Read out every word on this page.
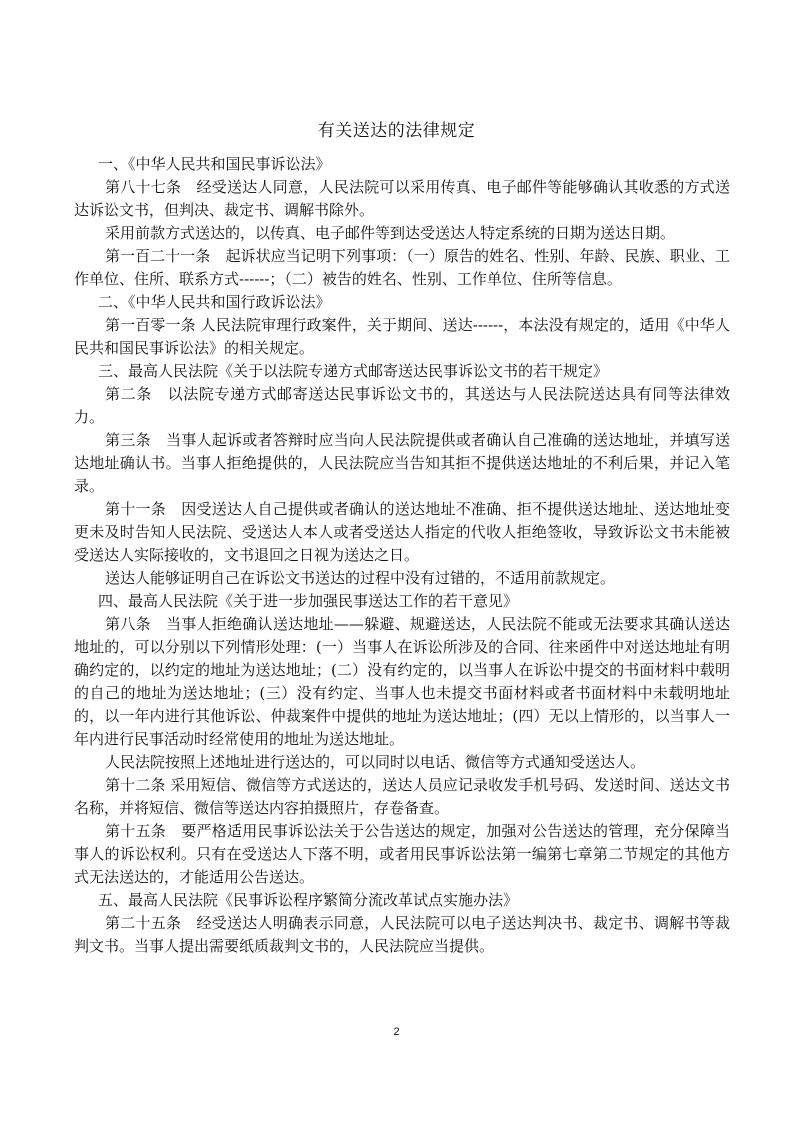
有关送达的法律规定

一、《中华人民共和国民事诉讼法》

第八十七条　经受送达人同意，人民法院可以采用传真、电子邮件等能够确认其收悉的方式送达诉讼文书，但判决、裁定书、调解书除外。

采用前款方式送达的，以传真、电子邮件等到达受送达人特定系统的日期为送达日期。

第一百二十一条　起诉状应当记明下列事项：（一）原告的姓名、性别、年龄、民族、职业、工作单位、住所、联系方式------；（二）被告的姓名、性别、工作单位、住所等信息。

二、《中华人民共和国行政诉讼法》

第一百零一条 人民法院审理行政案件，关于期间、送达------，本法没有规定的，适用《中华人民共和国民事诉讼法》的相关规定。

三、最高人民法院《关于以法院专递方式邮寄送达民事诉讼文书的若干规定》

第二条　以法院专递方式邮寄送达民事诉讼文书的，其送达与人民法院送达具有同等法律效力。

第三条　当事人起诉或者答辩时应当向人民法院提供或者确认自己准确的送达地址，并填写送达地址确认书。当事人拒绝提供的，人民法院应当告知其拒不提供送达地址的不利后果，并记入笔录。

第十一条　因受送达人自己提供或者确认的送达地址不准确、拒不提供送达地址、送达地址变更未及时告知人民法院、受送达人本人或者受送达人指定的代收人拒绝签收，导致诉讼文书未能被受送达人实际接收的，文书退回之日视为送达之日。

送达人能够证明自己在诉讼文书送达的过程中没有过错的，不适用前款规定。

四、最高人民法院《关于进一步加强民事送达工作的若干意见》

第八条　当事人拒绝确认送达地址——躲避、规避送达，人民法院不能或无法要求其确认送达地址的，可以分别以下列情形处理：(一）当事人在诉讼所涉及的合同、往来函件中对送达地址有明确约定的，以约定的地址为送达地址；(二）没有约定的，以当事人在诉讼中提交的书面材料中载明的自己的地址为送达地址；(三）没有约定、当事人也未提交书面材料或者书面材料中未载明地址的，以一年内进行其他诉讼、仲裁案件中提供的地址为送达地址；(四）无以上情形的，以当事人一年内进行民事活动时经常使用的地址为送达地址。

人民法院按照上述地址进行送达的，可以同时以电话、微信等方式通知受送达人。

第十二条 采用短信、微信等方式送达的，送达人员应记录收发手机号码、发送时间、送达文书名称，并将短信、微信等送达内容拍摄照片，存卷备查。

第十五条　要严格适用民事诉讼法关于公告送达的规定，加强对公告送达的管理，充分保障当事人的诉讼权利。只有在受送达人下落不明，或者用民事诉讼法第一编第七章第二节规定的其他方式无法送达的，才能适用公告送达。

五、最高人民法院《民事诉讼程序繁简分流改革试点实施办法》

第二十五条　经受送达人明确表示同意，人民法院可以电子送达判决书、裁定书、调解书等裁判文书。当事人提出需要纸质裁判文书的，人民法院应当提供。

2
